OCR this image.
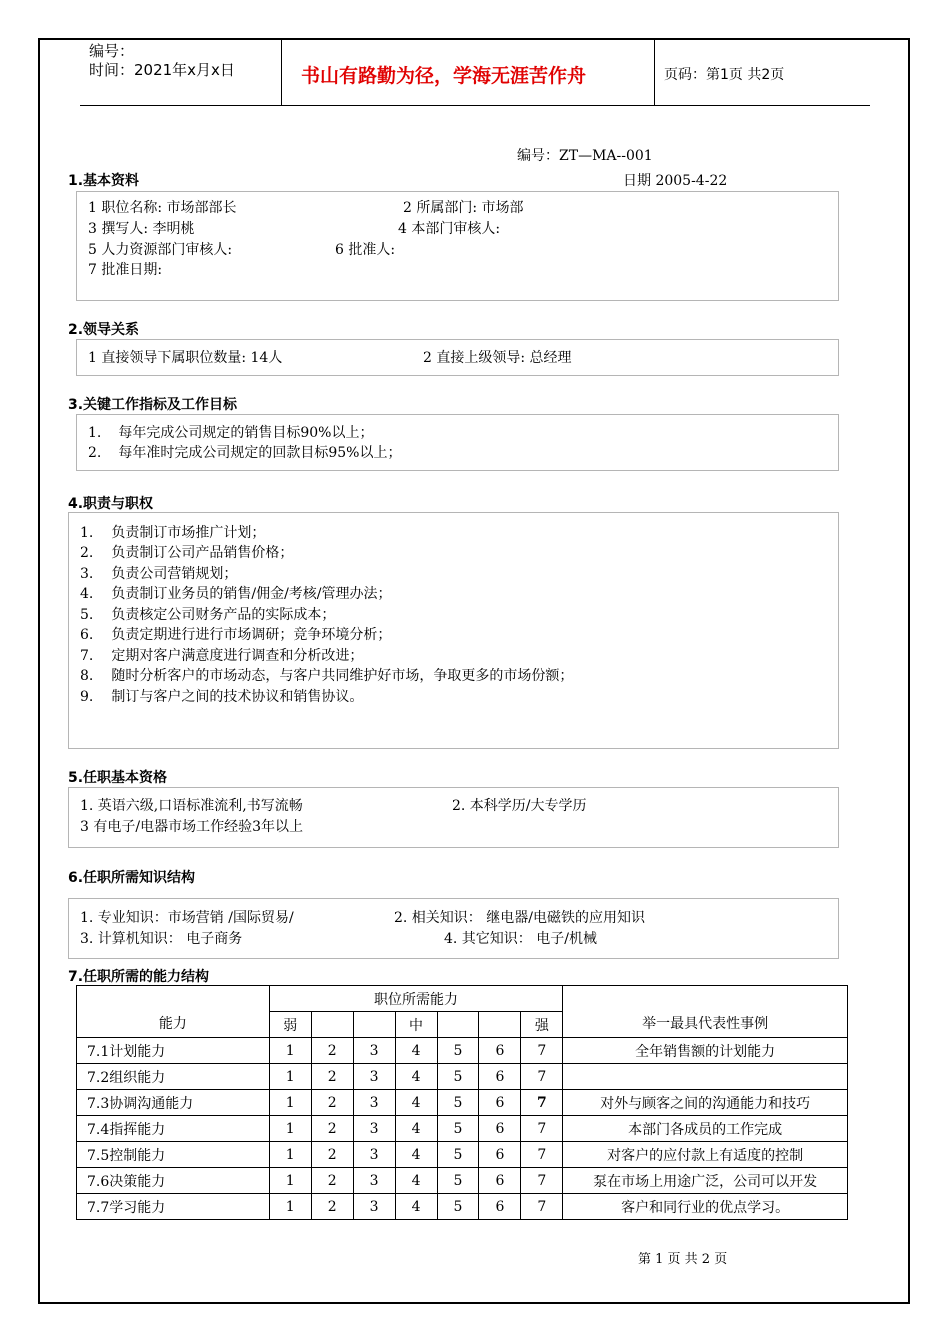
编号：
时间：2021年x月x日	书山有路勤为径，学海无涯苦作舟	页码：第1页 共2页
编号：ZT—MA--001
日期 2005-4-22
1.基本资料
1 职位名称: 市场部部长	2 所属部门: 市场部
3 撰写人: 李明桃	4 本部门审核人:
5 人力资源部门审核人:	6 批准人:
7 批准日期:
2.领导关系
1 直接领导下属职位数量: 14人	2 直接上级领导: 总经理
3.关键工作指标及工作目标
1. 每年完成公司规定的销售目标90%以上；
2. 每年准时完成公司规定的回款目标95%以上；
4.职责与职权
1. 负责制订市场推广计划；
2. 负责制订公司产品销售价格；
3. 负责公司营销规划；
4. 负责制订业务员的销售/佣金/考核/管理办法；
5. 负责核定公司财务产品的实际成本；
6. 负责定期进行进行市场调研；竞争环境分析；
7. 定期对客户满意度进行调查和分析改进；
8. 随时分析客户的市场动态，与客户共同维护好市场，争取更多的市场份额；
9. 制订与客户之间的技术协议和销售协议。
5.任职基本资格
1. 英语六级,口语标准流利,书写流畅	2. 本科学历/大专学历
3 有电子/电器市场工作经验3年以上
6.任职所需知识结构
1. 专业知识：市场营销 /国际贸易/	2. 相关知识： 继电器/电磁铁的应用知识
3. 计算机知识： 电子商务	4. 其它知识： 电子/机械
7.任职所需的能力结构
能力	职位所需能力							举一最具代表性事例
	弱			中			强	
7.1计划能力	1	2	3	4	5	6	7	全年销售额的计划能力
7.2组织能力	1	2	3	4	5	6	7	
7.3协调沟通能力	1	2	3	4	5	6	7	对外与顾客之间的沟通能力和技巧
7.4指挥能力	1	2	3	4	5	6	7	本部门各成员的工作完成
7.5控制能力	1	2	3	4	5	6	7	对客户的应付款上有适度的控制
7.6决策能力	1	2	3	4	5	6	7	泵在市场上用途广泛，公司可以开发
7.7学习能力	1	2	3	4	5	6	7	客户和同行业的优点学习。
第 1 页 共 2 页
